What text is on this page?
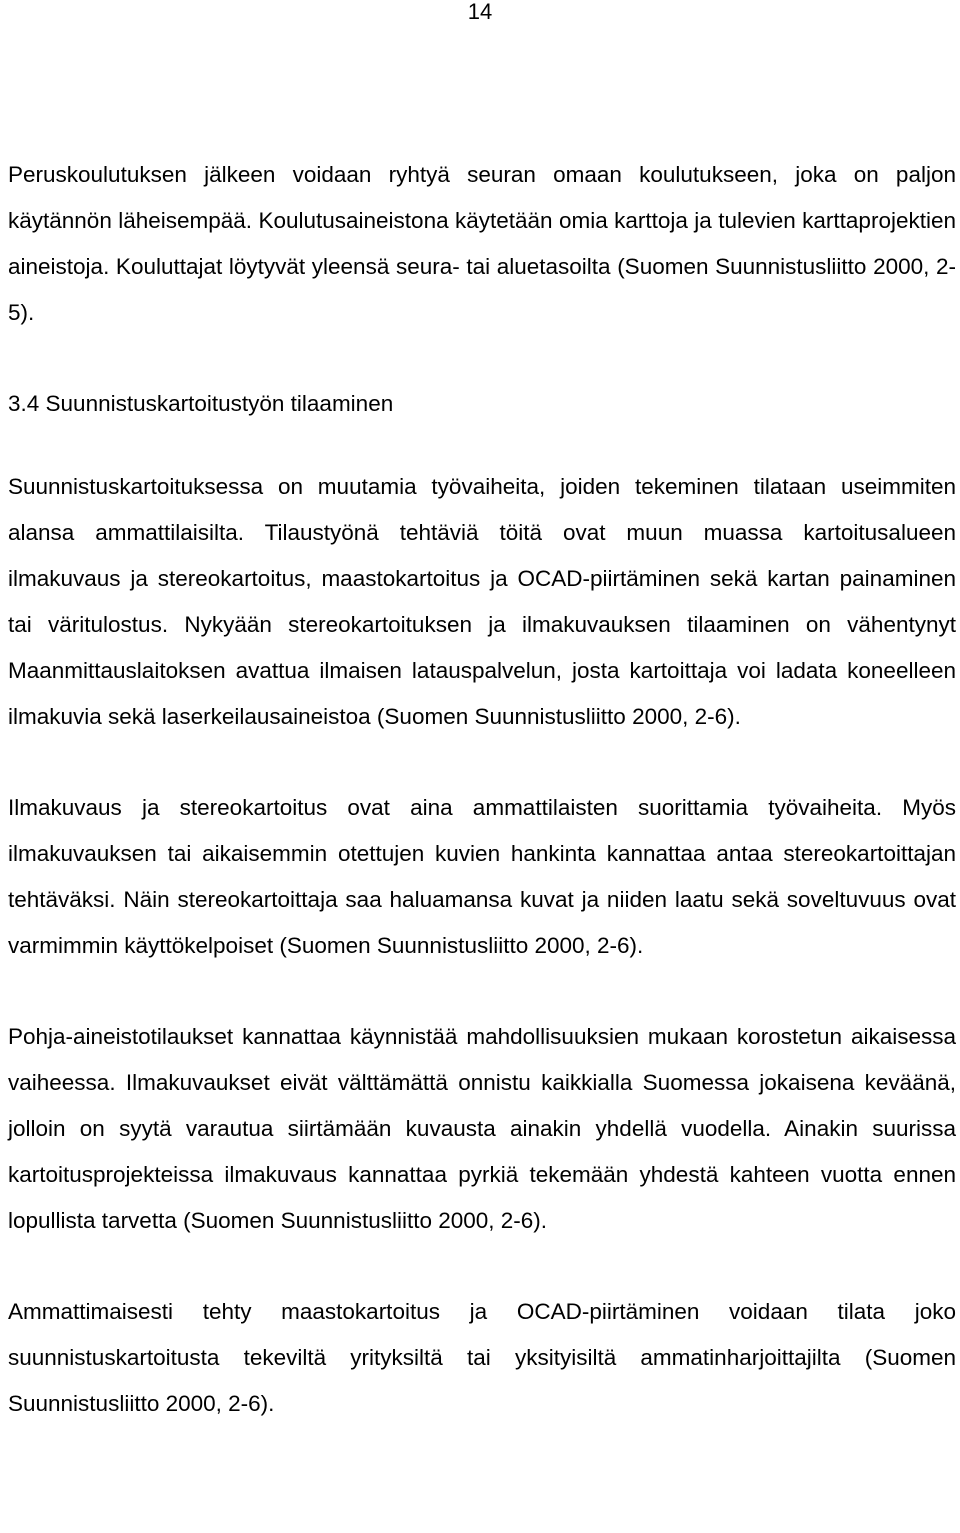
14

Peruskoulutuksen jälkeen voidaan ryhtyä seuran omaan koulutukseen, joka on paljon käytännön läheisempää. Koulutusaineistona käytetään omia karttoja ja tulevien karttaprojektien aineistoja. Kouluttajat löytyvät yleensä seura- tai aluetasoilta (Suomen Suunnistusliitto 2000, 2-5).

3.4 Suunnistuskartoitustyön tilaaminen

Suunnistuskartoituksessa on muutamia työvaiheita, joiden tekeminen tilataan useimmiten alansa ammattilaisilta. Tilaustyönä tehtäviä töitä ovat muun muassa kartoitusalueen ilmakuvaus ja stereokartoitus, maastokartoitus ja OCAD-piirtäminen sekä kartan painaminen tai väritulostus. Nykyään stereokartoituksen ja ilmakuvauksen tilaaminen on vähentynyt Maanmittauslaitoksen avattua ilmaisen latauspalvelun, josta kartoittaja voi ladata koneelleen ilmakuvia sekä laserkeilausaineistoa (Suomen Suunnistusliitto 2000, 2-6).

Ilmakuvaus ja stereokartoitus ovat aina ammattilaisten suorittamia työvaiheita. Myös ilmakuvauksen tai aikaisemmin otettujen kuvien hankinta kannattaa antaa stereokartoittajan tehtäväksi. Näin stereokartoittaja saa haluamansa kuvat ja niiden laatu sekä soveltuvuus ovat varmimmin käyttökelpoiset (Suomen Suunnistusliitto 2000, 2-6).

Pohja-aineistotilaukset kannattaa käynnistää mahdollisuuksien mukaan korostetun aikaisessa vaiheessa. Ilmakuvaukset eivät välttämättä onnistu kaikkialla Suomessa jokaisena keväänä, jolloin on syytä varautua siirtämään kuvausta ainakin yhdellä vuodella. Ainakin suurissa kartoitusprojekteissa ilmakuvaus kannattaa pyrkiä tekemään yhdestä kahteen vuotta ennen lopullista tarvetta (Suomen Suunnistusliitto 2000, 2-6).

Ammattimaisesti tehty maastokartoitus ja OCAD-piirtäminen voidaan tilata joko suunnistuskartoitusta tekeviltä yrityksiltä tai yksityisiltä ammatinharjoittajilta (Suomen Suunnistusliitto 2000, 2-6).
